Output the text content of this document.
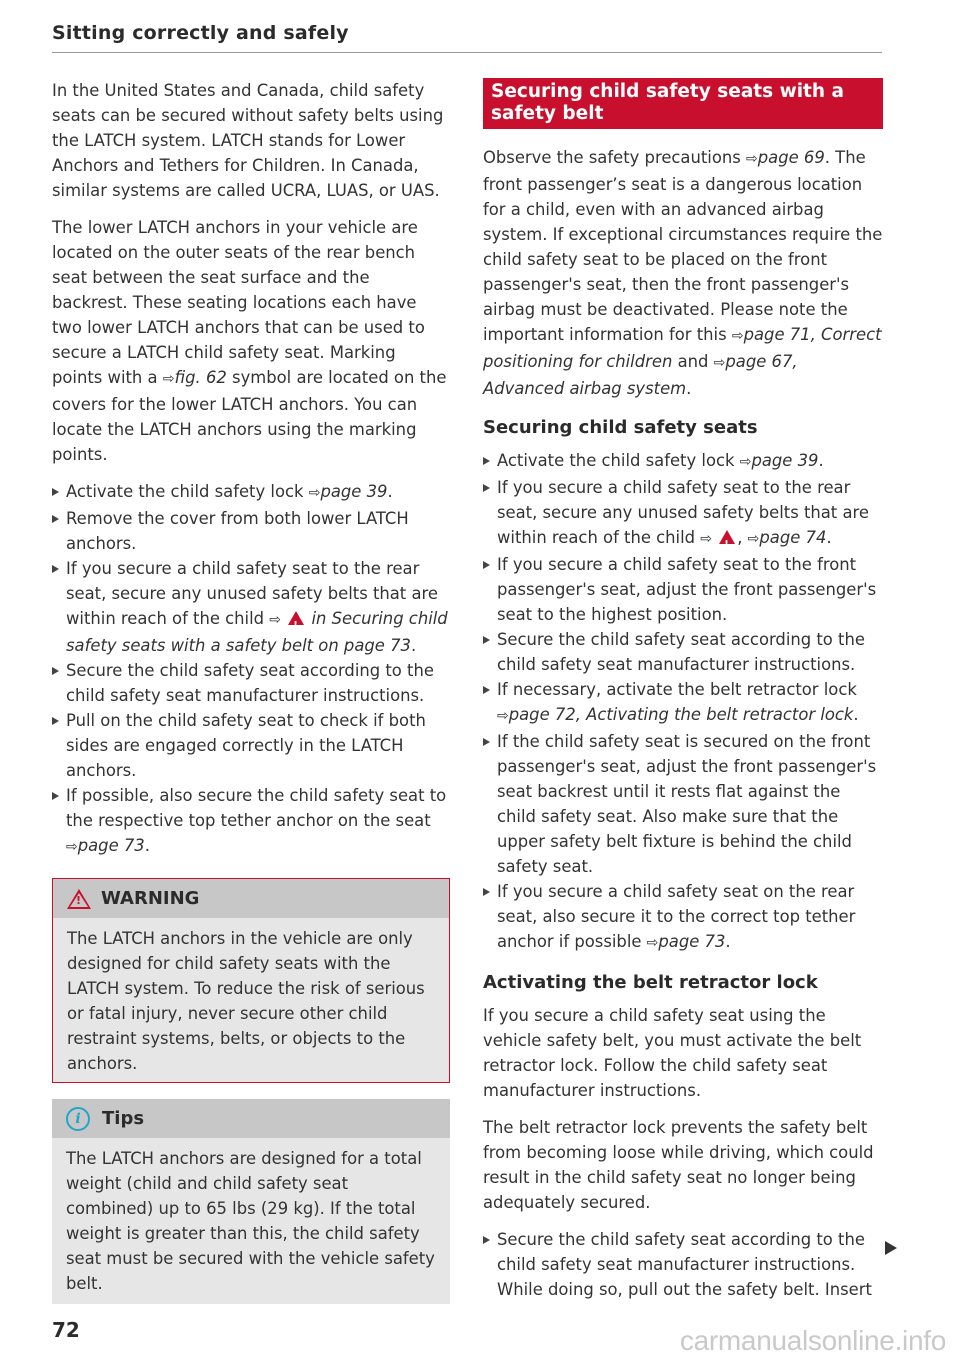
Sitting correctly and safely

In the United States and Canada, child safety seats can be secured without safety belts using the LATCH system. LATCH stands for Lower Anchors and Tethers for Children. In Canada, similar systems are called UCRA, LUAS, or UAS.

The lower LATCH anchors in your vehicle are located on the outer seats of the rear bench seat between the seat surface and the backrest. These seating locations each have two lower LATCH anchors that can be used to secure a LATCH child safety seat. Marking points with a ⇨fig. 62 symbol are located on the covers for the lower LATCH anchors. You can locate the LATCH anchors using the marking points.

Activate the child safety lock ⇨page 39.
Remove the cover from both lower LATCH anchors.
If you secure a child safety seat to the rear seat, secure any unused safety belts that are within reach of the child ⇨ ! in Securing child safety seats with a safety belt on page 73.
Secure the child safety seat according to the child safety seat manufacturer instructions.
Pull on the child safety seat to check if both sides are engaged correctly in the LATCH anchors.
If possible, also secure the child safety seat to the respective top tether anchor on the seat ⇨page 73.
! WARNING

The LATCH anchors in the vehicle are only designed for child safety seats with the LATCH system. To reduce the risk of serious or fatal injury, never secure other child restraint systems, belts, or objects to the anchors.

i	Tips

The LATCH anchors are designed for a total weight (child and child safety seat combined) up to 65 lbs (29 kg). If the total weight is greater than this, the child safety seat must be secured with the vehicle safety belt.

Securing child safety seats with a safety belt

Observe the safety precautions ⇨page 69. The front passenger’s seat is a dangerous location for a child, even with an advanced airbag system. If exceptional circumstances require the child safety seat to be placed on the front passenger's seat, then the front passenger's airbag must be deactivated. Please note the important information for this ⇨page 71, Correct positioning for children and ⇨page 67, Advanced airbag system.

Securing child safety seats
Activate the child safety lock ⇨page 39.
If you secure a child safety seat to the rear seat, secure any unused safety belts that are within reach of the child ⇨ ! , ⇨page 74.
If you secure a child safety seat to the front passenger's seat, adjust the front passenger's seat to the highest position.
Secure the child safety seat according to the child safety seat manufacturer instructions.
If necessary, activate the belt retractor lock ⇨page 72, Activating the belt retractor lock.
If the child safety seat is secured on the front passenger's seat, adjust the front passenger's seat backrest until it rests flat against the child safety seat. Also make sure that the upper safety belt fixture is behind the child safety seat.
If you secure a child safety seat on the rear seat, also secure it to the correct top tether anchor if possible ⇨page 73.
Activating the belt retractor lock

If you secure a child safety seat using the vehicle safety belt, you must activate the belt retractor lock. Follow the child safety seat manufacturer instructions.

The belt retractor lock prevents the safety belt from becoming loose while driving, which could result in the child safety seat no longer being adequately secured.

Secure the child safety seat according to the child safety seat manufacturer instructions. While doing so, pull out the safety belt. Insert
72	carmanualsonline.info
